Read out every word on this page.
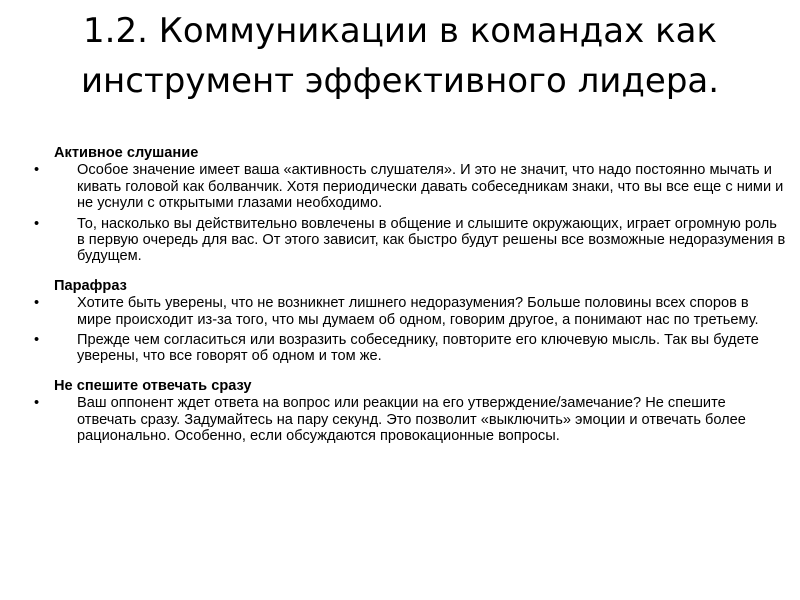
1.2. Коммуникации в командах как инструмент эффективного лидера.
Активное слушание
•	Особое значение имеет ваша «активность слушателя». И это не значит, что надо постоянно мычать и кивать головой как болванчик. Хотя периодически давать собеседникам знаки, что вы все еще с ними и не уснули с открытыми глазами необходимо.
•	То, насколько вы действительно вовлечены в общение и слышите окружающих, играет огромную роль в первую очередь для вас. От этого зависит, как быстро будут решены все возможные недоразумения в будущем.
Парафраз
•	Хотите быть уверены, что не возникнет лишнего недоразумения? Больше половины всех споров в мире происходит из-за того, что мы думаем об одном, говорим другое, а понимают нас по третьему.
•	Прежде чем согласиться или возразить собеседнику, повторите его ключевую мысль. Так вы будете уверены, что все говорят об одном и том же.
Не спешите отвечать сразу
•	Ваш оппонент ждет ответа на вопрос или реакции на его утверждение/замечание? Не спешите отвечать сразу. Задумайтесь на пару секунд. Это позволит «выключить» эмоции и отвечать более рационально. Особенно, если обсуждаются провокационные вопросы.
